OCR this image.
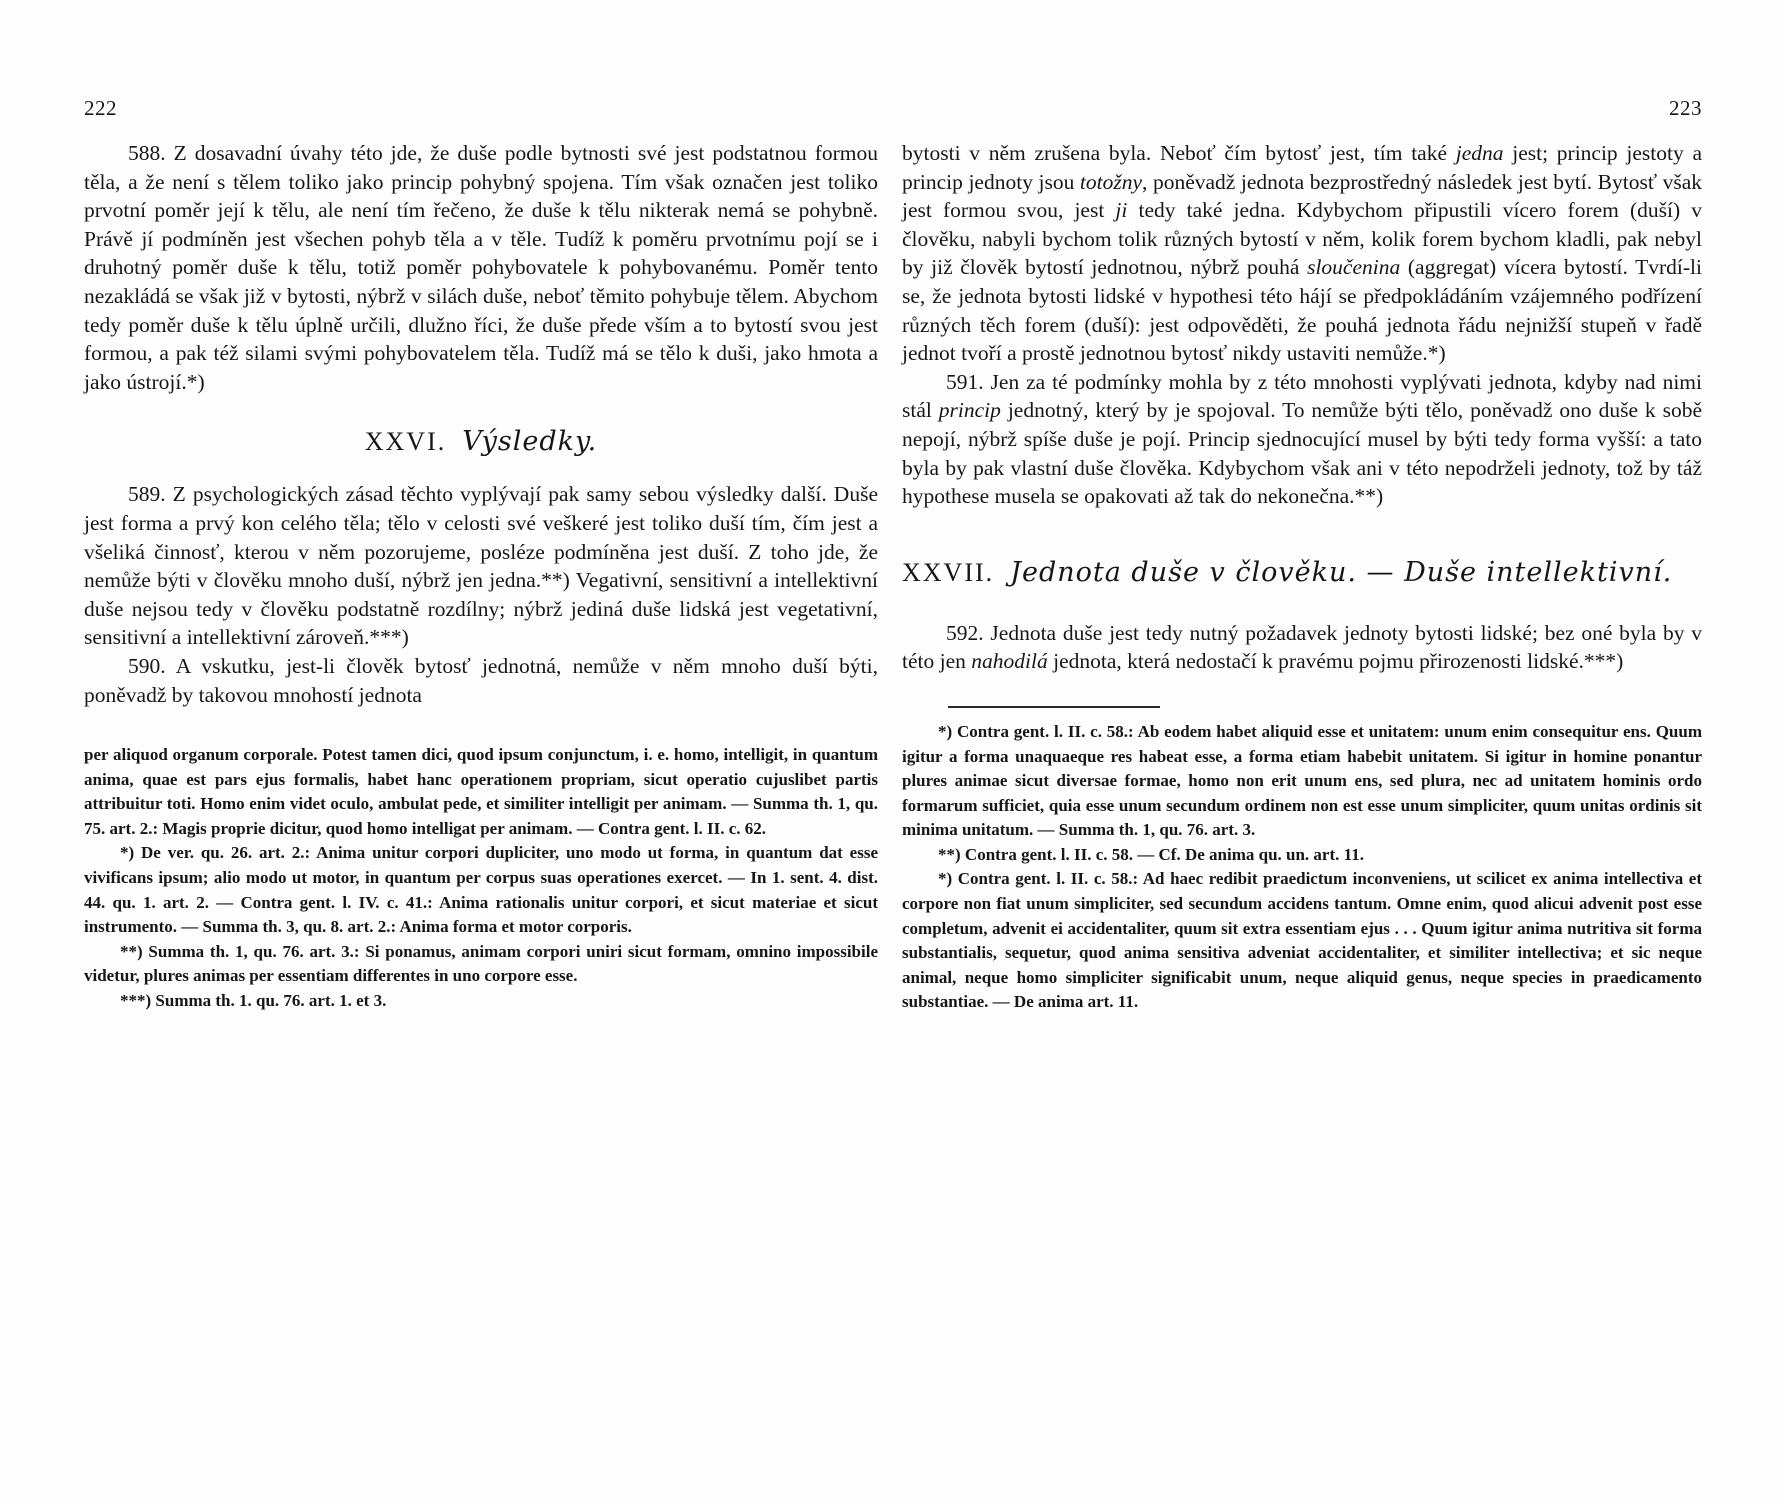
222

588. Z dosavadní úvahy této jde, že duše podle bytnosti své jest podstatnou formou těla, a že není s tělem toliko jako princip pohybný spojena. Tím však označen jest toliko prvotní poměr její k tělu, ale není tím řečeno, že duše k tělu nikterak nemá se pohybně. Právě jí podmíněn jest všechen pohyb těla a v těle. Tudíž k poměru prvotnímu pojí se i druhotný poměr duše k tělu, totiž poměr pohybovatele k pohybovanému. Poměr tento nezakládá se však již v bytosti, nýbrž v silách duše, neboť těmito pohybuje tělem. Abychom tedy poměr duše k tělu úplně určili, dlužno říci, že duše přede vším a to bytostí svou jest formou, a pak též silami svými pohybovatelem těla. Tudíž má se tělo k duši, jako hmota a jako ústrojí.*)

XXVI. Výsledky.

589. Z psychologických zásad těchto vyplývají pak samy sebou výsledky další. Duše jest forma a prvý kon celého těla; tělo v celosti své veškeré jest toliko duší tím, čím jest a všeliká činnosť, kterou v něm pozorujeme, posléze podmíněna jest duší. Z toho jde, že nemůže býti v člověku mnoho duší, nýbrž jen jedna.**) Vegativní, sensitivní a intellektivní duše nejsou tedy v člověku podstatně rozdílny; nýbrž jediná duše lidská jest vegetativní, sensitivní a intellektivní zároveň.***)

590. A vskutku, jest-li člověk bytosť jednotná, nemůže v něm mnoho duší býti, poněvadž by takovou mnohostí jednota

per aliquod organum corporale. Potest tamen dici, quod ipsum conjunctum, i. e. homo, intelligit, in quantum anima, quae est pars ejus formalis, habet hanc operationem propriam, sicut operatio cujuslibet partis attribuitur toti. Homo enim videt oculo, ambulat pede, et similiter intelligit per animam. — Summa th. 1, qu. 75. art. 2.: Magis proprie dicitur, quod homo intelligat per animam. — Contra gent. l. II. c. 62.

*) De ver. qu. 26. art. 2.: Anima unitur corpori dupliciter, uno modo ut forma, in quantum dat esse vivificans ipsum; alio modo ut motor, in quantum per corpus suas operationes exercet. — In 1. sent. 4. dist. 44. qu. 1. art. 2. — Contra gent. l. IV. c. 41.: Anima rationalis unitur corpori, et sicut materiae et sicut instrumento. — Summa th. 3, qu. 8. art. 2.: Anima forma et motor corporis.

**) Summa th. 1, qu. 76. art. 3.: Si ponamus, animam corpori uniri sicut formam, omnino impossibile videtur, plures animas per essentiam differentes in uno corpore esse.

***) Summa th. 1. qu. 76. art. 1. et 3.

223

bytosti v něm zrušena byla. Neboť čím bytosť jest, tím také jedna jest; princip jestoty a princip jednoty jsou totožny, poněvadž jednota bezprostředný následek jest bytí. Bytosť však jest formou svou, jest ji tedy také jedna. Kdybychom připustili vícero forem (duší) v člověku, nabyli bychom tolik různých bytostí v něm, kolik forem bychom kladli, pak nebyl by již člověk bytostí jednotnou, nýbrž pouhá sloučenina (aggregat) vícera bytostí. Tvrdí-li se, že jednota bytosti lidské v hypothesi této hájí se předpokládáním vzájemného podřízení různých těch forem (duší): jest odpověděti, že pouhá jednota řádu nejnižší stupeň v řadě jednot tvoří a prostě jednotnou bytosť nikdy ustaviti nemůže.*)

591. Jen za té podmínky mohla by z této mnohosti vyplývati jednota, kdyby nad nimi stál princip jednotný, který by je spojoval. To nemůže býti tělo, poněvadž ono duše k sobě nepojí, nýbrž spíše duše je pojí. Princip sjednocující musel by býti tedy forma vyšší: a tato byla by pak vlastní duše člověka. Kdybychom však ani v této nepodrželi jednoty, tož by táž hypothese musela se opakovati až tak do nekonečna.**)

XXVII. Jednota duše v člověku. — Duše intellektivní.

592. Jednota duše jest tedy nutný požadavek jednoty bytosti lidské; bez oné byla by v této jen nahodilá jednota, která nedostačí k pravému pojmu přirozenosti lidské.***)

*) Contra gent. l. II. c. 58.: Ab eodem habet aliquid esse et unitatem: unum enim consequitur ens. Quum igitur a forma unaquaeque res habeat esse, a forma etiam habebit unitatem. Si igitur in homine ponantur plures animae sicut diversae formae, homo non erit unum ens, sed plura, nec ad unitatem hominis ordo formarum sufficiet, quia esse unum secundum ordinem non est esse unum simpliciter, quum unitas ordinis sit minima unitatum. — Summa th. 1, qu. 76. art. 3.

**) Contra gent. l. II. c. 58. — Cf. De anima qu. un. art. 11.

*) Contra gent. l. II. c. 58.: Ad haec redibit praedictum inconveniens, ut scilicet ex anima intellectiva et corpore non fiat unum simpliciter, sed secundum accidens tantum. Omne enim, quod alicui advenit post esse completum, advenit ei accidentaliter, quum sit extra essentiam ejus . . . Quum igitur anima nutritiva sit forma substantialis, sequetur, quod anima sensitiva adveniat accidentaliter, et similiter intellectiva; et sic neque animal, neque homo simpliciter significabit unum, neque aliquid genus, neque species in praedicamento substantiae. — De anima art. 11.
